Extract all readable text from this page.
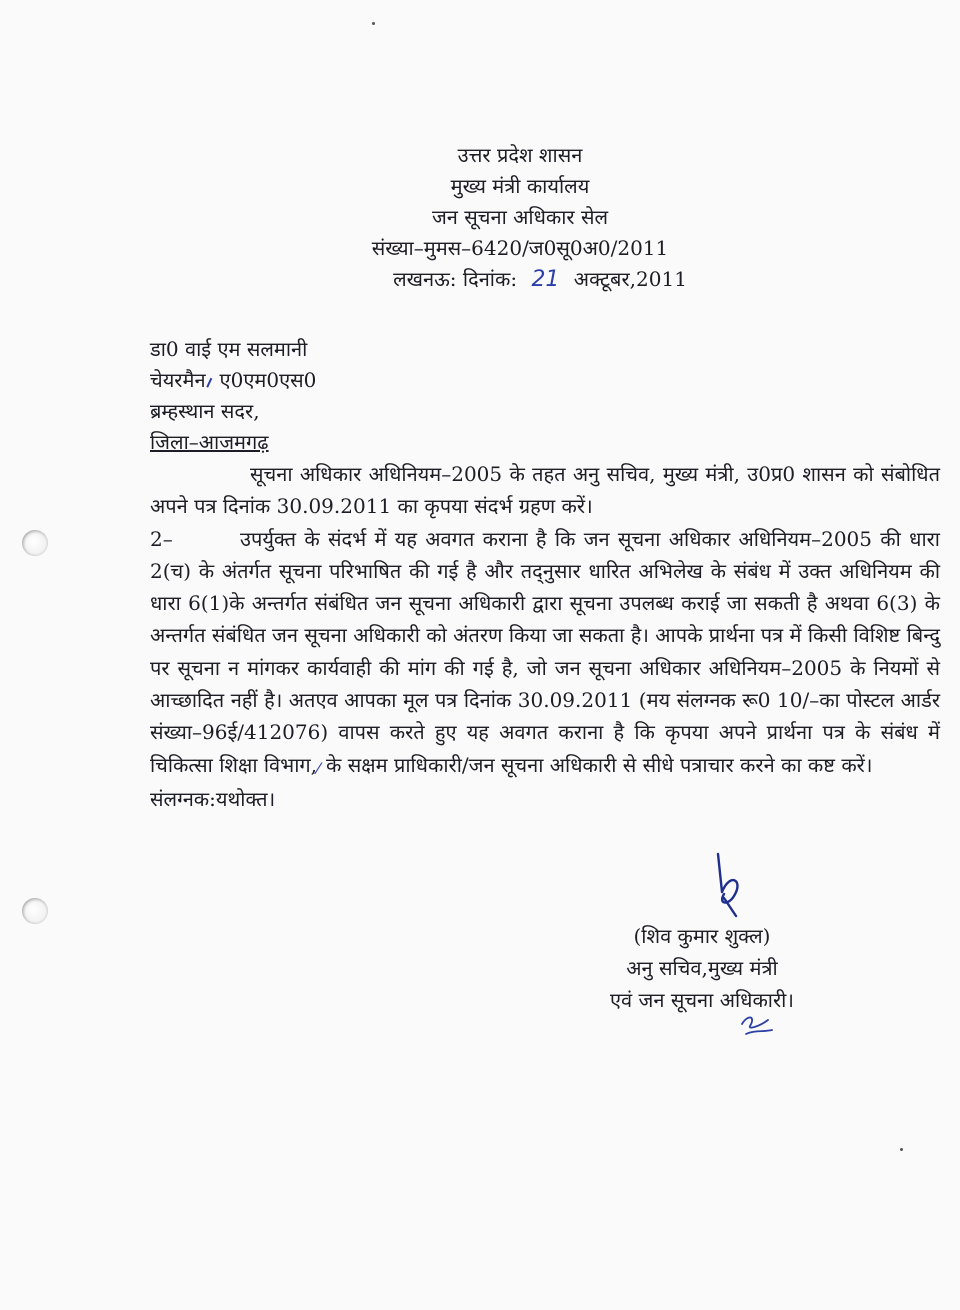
उत्तर प्रदेश शासन
मुख्य मंत्री कार्यालय
जन सूचना अधिकार सेल
संख्या–मुमस–6420/ज0सू0अ0/2011
लखनऊ: दिनांक: 21 अक्टूबर,2011
डा0 वाई एम सलमानी
चेयरमैन ए0एम0एस0
ब्रम्हस्थान सदर,
जिला–आजमगढ़

सूचना अधिकार अधिनियम–2005 के तहत अनु सचिव, मुख्य मंत्री, उ0प्र0 शासन को संबोधित अपने पत्र दिनांक 30.09.2011 का कृपया संदर्भ ग्रहण करें।

2–	उपर्युक्त के संदर्भ में यह अवगत कराना है कि जन सूचना अधिकार अधिनियम–2005 की धारा 2(च) के अंतर्गत सूचना परिभाषित की गई है और तद्नुसार धारित अभिलेख के संबंध में उक्त अधिनियम की धारा 6(1)के अन्तर्गत संबंधित जन सूचना अधिकारी द्वारा सूचना उपलब्ध कराई जा सकती है अथवा 6(3) के अन्तर्गत संबंधित जन सूचना अधिकारी को अंतरण किया जा सकता है। आपके प्रार्थना पत्र में किसी विशिष्ट बिन्दु पर सूचना न मांगकर कार्यवाही की मांग की गई है, जो जन सूचना अधिकार अधिनियम–2005 के नियमों से आच्छादित नहीं है। अतएव आपका मूल पत्र दिनांक 30.09.2011 (मय संलग्नक रू0 10/–का पोस्टल आर्डर संख्या–96ई/412076) वापस करते हुए यह अवगत कराना है कि कृपया अपने प्रार्थना पत्र के संबंध में चिकित्सा शिक्षा विभाग,⁄ के सक्षम प्राधिकारी/जन सूचना अधिकारी से सीधे पत्राचार करने का कष्ट करें।

संलग्नक:यथोक्त।

(शिव कुमार शुक्ल)
अनु सचिव,मुख्य मंत्री
एवं जन सूचना अधिकारी।
